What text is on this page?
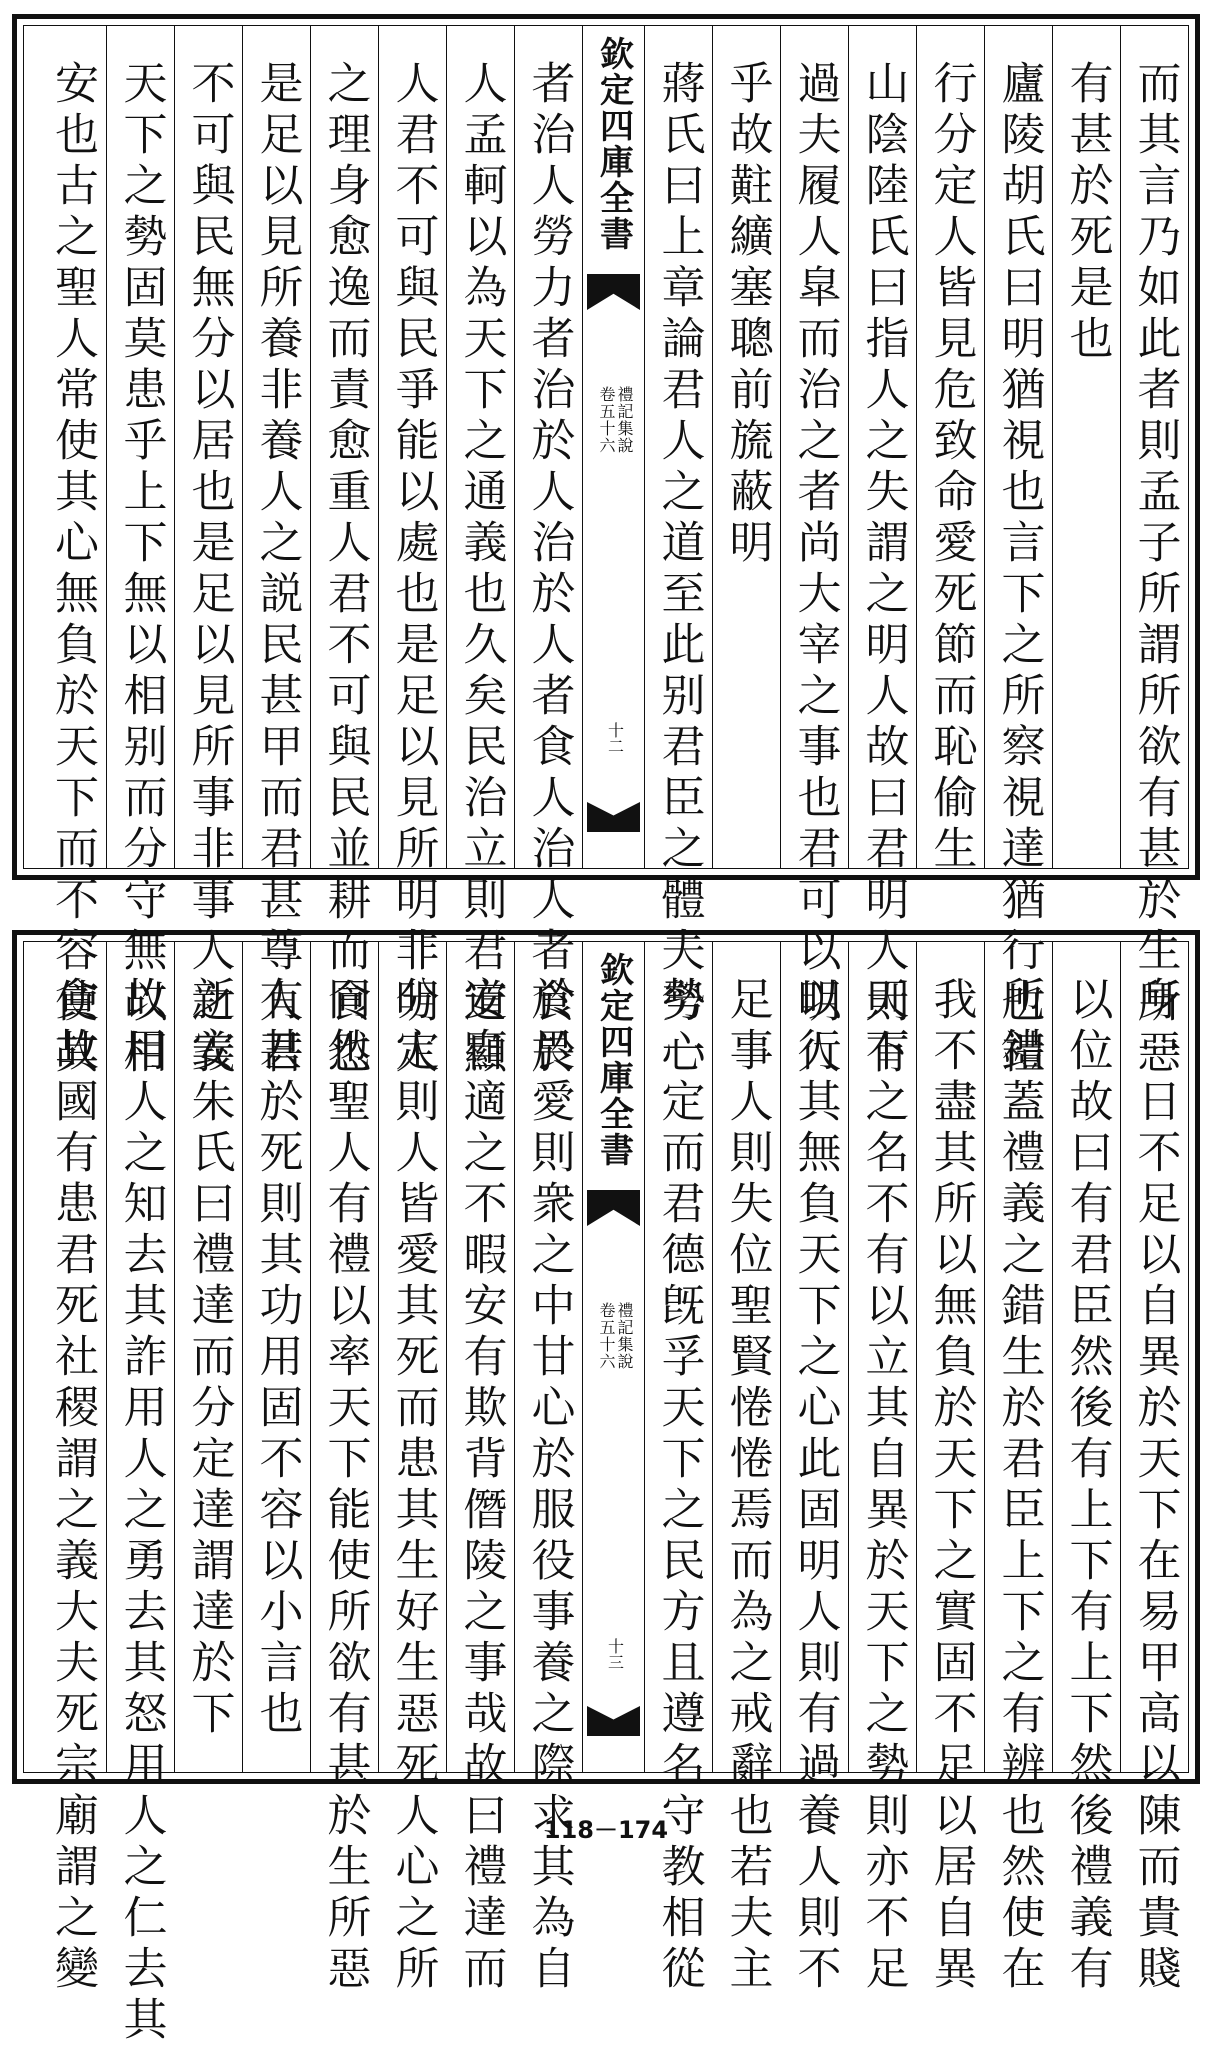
而其言乃如此者則孟子所謂所欲有甚於生所惡
有甚於死是也
廬陵胡氏曰明猶視也言下之所察視達猶行也禮
行分定人皆見危致命愛死節而恥偷生
山陰陸氏曰指人之失謂之明人故曰君明人則有
過夫履人皐而治之者尚大宰之事也君可以明人
乎故黈纊塞聰前旒蔽明
蔣氏曰上章論君人之道至此别君臣之體夫勞心
欽定四庫全書
禮記集說
卷五十六
十二
者治人勞力者治於人治於人者食人治人者食於
人孟軻以為天下之通義也久矣民治立則君道顯
人君不可與民爭能以處也是足以見所明非明人
之理身愈逸而責愈重人君不可與民並耕而食也
是足以見所養非養人之説民甚甲而君甚尊人君
不可與民無分以居也是足以見所事非事人之義
天下之勢固莫患乎上下無以相别而分守無以相
安也古之聖人常使其心無負於天下而不容使其
身一日不足以自異於天下在易甲高以陳而貴賤
以位故曰有君臣然後有上下有上下然後禮義有
所錯蓋禮義之錯生於君臣上下之有辨也然使在
我不盡其所以無負於天下之實固不足以居自異
天下之名不有以立其自異於天下之勢則亦不足
以行其無負天下之心此固明人則有過養人則不
足事人則失位聖賢惓惓焉而為之戒辭也若夫主
勢一定而君德旣孚天下之民方且遵名守教相從
欽定四庫全書
禮記集說
卷五十六
十三
於畏愛則衆之中甘心於服役事養之際求其為自
安自適之不暇安有欺背僭陵之事哉故曰禮達而
分定則人皆愛其死而患其生好生惡死人心之所
同然聖人有禮以率天下能使所欲有甚於生所惡
有甚於死則其功用固不容以小言也
新安朱氏曰禮達而分定達謂達於下
故用人之知去其詐用人之勇去其怒用人之仁去其
貪故國有患君死社稷謂之義大夫死宗廟謂之變	118－174
